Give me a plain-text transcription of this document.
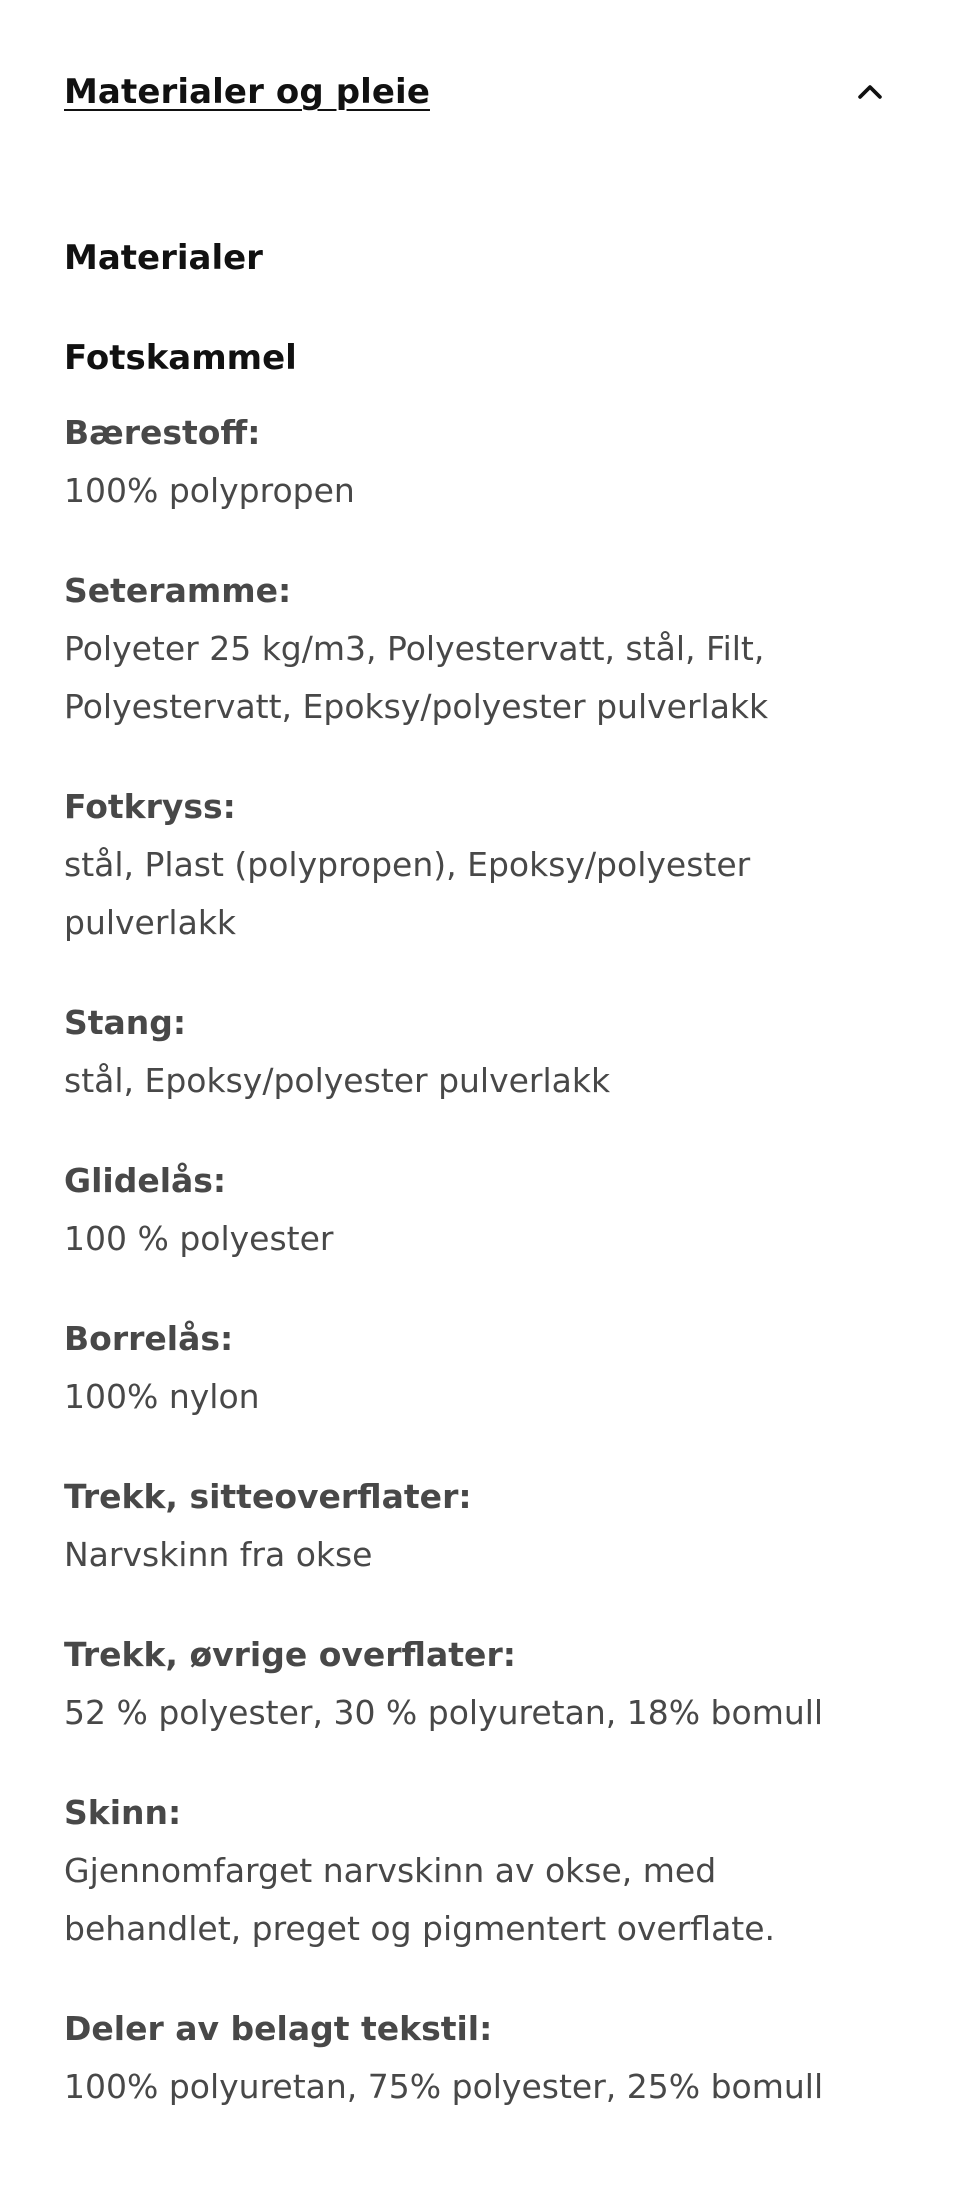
Materialer og pleie
Materialer
Fotskammel
Bærestoff:
100% polypropen
Seteramme:
Polyeter 25 kg/m3, Polyestervatt, stål, Filt, Polyestervatt, Epoksy/polyester pulverlakk
Fotkryss:
stål, Plast (polypropen), Epoksy/polyester pulverlakk
Stang:
stål, Epoksy/polyester pulverlakk
Glidelås:
100 % polyester
Borrelås:
100% nylon
Trekk, sitteoverflater:
Narvskinn fra okse
Trekk, øvrige overflater:
52 % polyester, 30 % polyuretan, 18% bomull
Skinn:
Gjennomfarget narvskinn av okse, med behandlet, preget og pigmentert overflate.
Deler av belagt tekstil:
100% polyuretan, 75% polyester, 25% bomull
